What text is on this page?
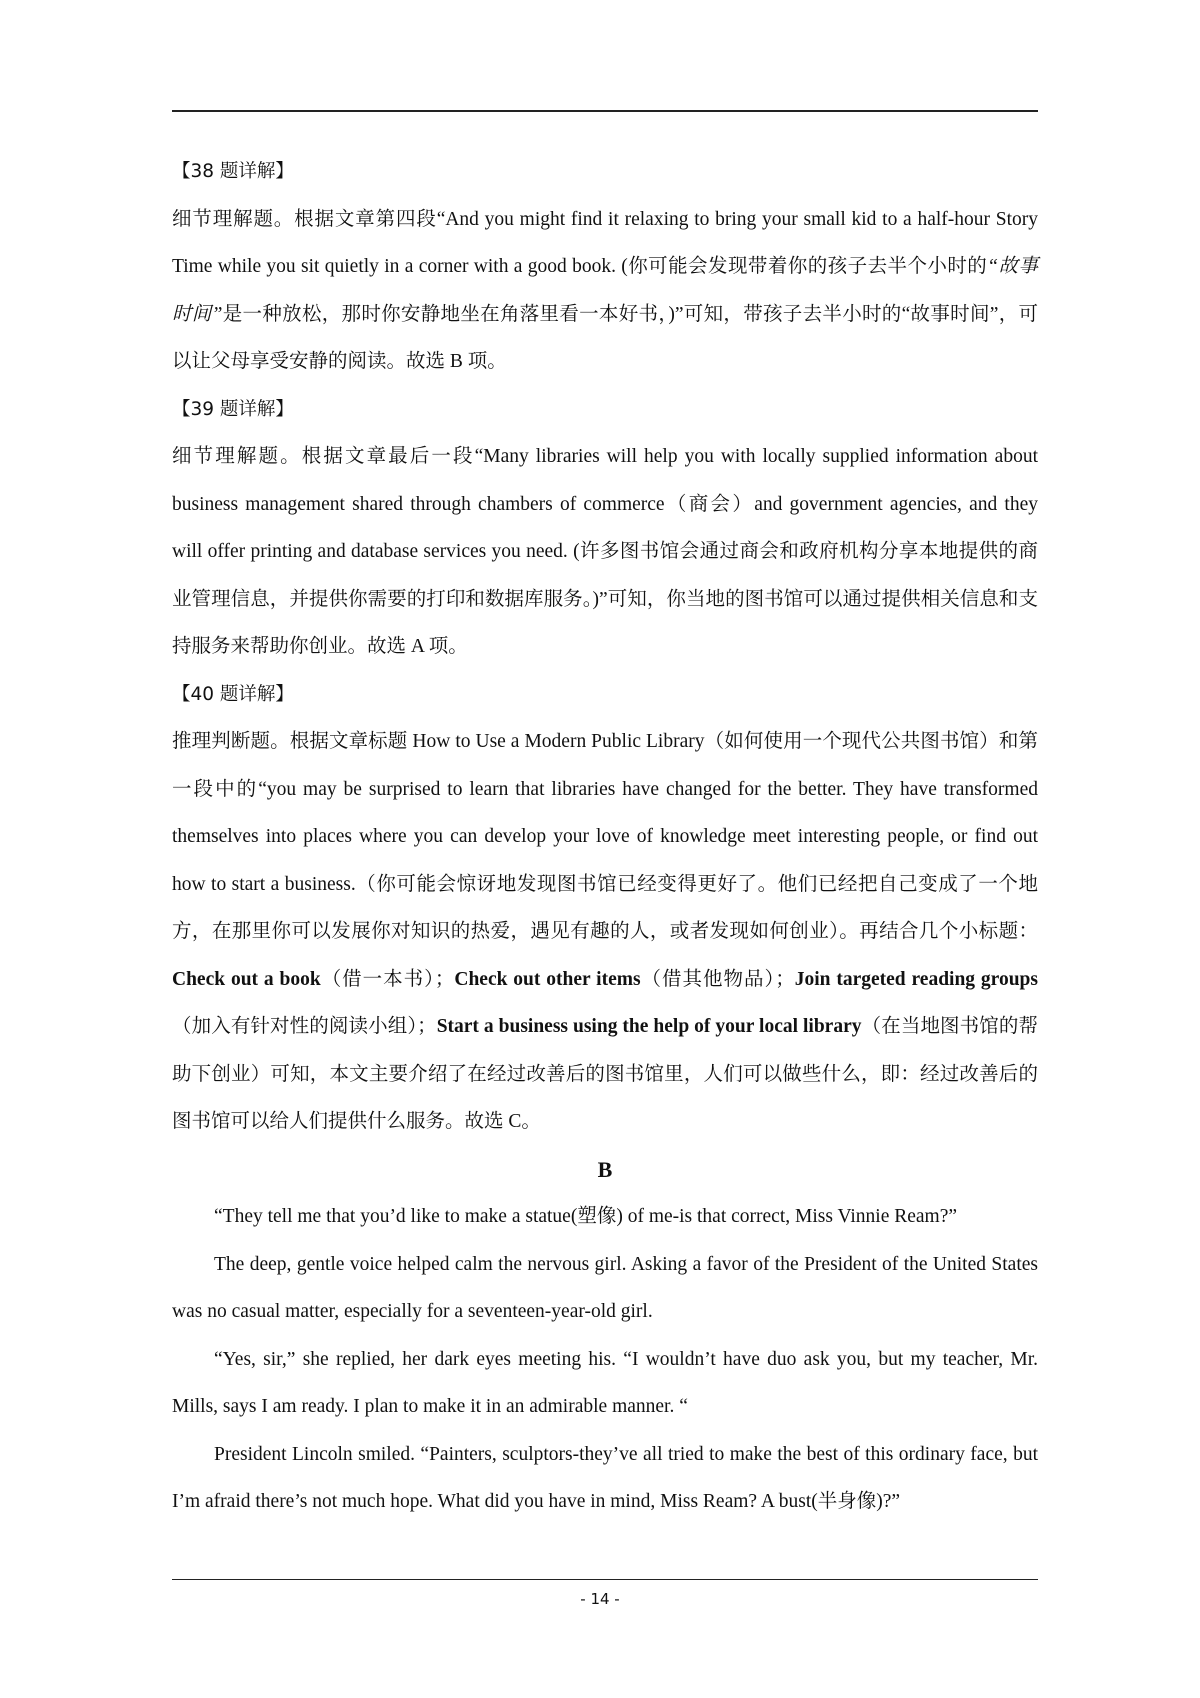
【38 题详解】

细节理解题。根据文章第四段“And you might find it relaxing to bring your small kid to a half-hour Story Time while you sit quietly in a corner with a good book. (你可能会发现带着你的孩子去半个小时的“故事时间”是一种放松，那时你安静地坐在角落里看一本好书，)”可知，带孩子去半小时的“故事时间”，可以让父母享受安静的阅读。故选 B 项。

【39 题详解】

细节理解题。根据文章最后一段“Many libraries will help you with locally supplied information about business management shared through chambers of commerce（商会）and government agencies, and they will offer printing and database services you need. (许多图书馆会通过商会和政府机构分享本地提供的商业管理信息，并提供你需要的打印和数据库服务。)”可知，你当地的图书馆可以通过提供相关信息和支持服务来帮助你创业。故选 A 项。

【40 题详解】

推理判断题。根据文章标题 How to Use a Modern Public Library（如何使用一个现代公共图书馆）和第一段中的“you may be surprised to learn that libraries have changed for the better. They have transformed themselves into places where you can develop your love of knowledge meet interesting people, or find out how to start a business.（你可能会惊讶地发现图书馆已经变得更好了。他们已经把自己变成了一个地方，在那里你可以发展你对知识的热爱，遇见有趣的人，或者发现如何创业）。再结合几个小标题：Check out a book（借一本书）；Check out other items（借其他物品）；Join targeted reading groups（加入有针对性的阅读小组）；Start a business using the help of your local library（在当地图书馆的帮助下创业）可知，本文主要介绍了在经过改善后的图书馆里，人们可以做些什么，即：经过改善后的图书馆可以给人们提供什么服务。故选 C。

B

“They tell me that you’d like to make a statue(塑像) of me-is that correct, Miss Vinnie Ream?”

The deep, gentle voice helped calm the nervous girl. Asking a favor of the President of the United States was no casual matter, especially for a seventeen-year-old girl.

“Yes, sir,” she replied, her dark eyes meeting his. “I wouldn’t have duo ask you, but my teacher, Mr. Mills, says I am ready. I plan to make it in an admirable manner. “

President Lincoln smiled. “Painters, sculptors-they’ve all tried to make the best of this ordinary face, but I’m afraid there’s not much hope. What did you have in mind, Miss Ream? A bust(半身像)?”

- 14 -
